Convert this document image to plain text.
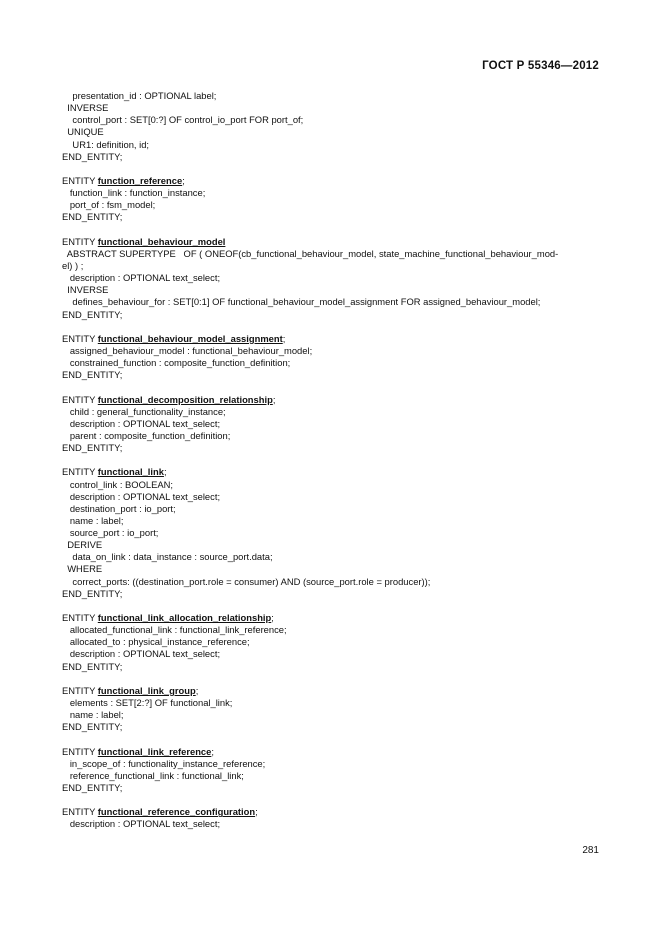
ГОСТ Р 55346—2012
presentation_id : OPTIONAL label;
INVERSE
control_port : SET[0:?] OF control_io_port FOR port_of;
UNIQUE
UR1: definition, id;
END_ENTITY;
ENTITY function_reference;
function_link : function_instance;
port_of : fsm_model;
END_ENTITY;
ENTITY functional_behaviour_model
ABSTRACT SUPERTYPE   OF ( ONEOF(cb_functional_behaviour_model, state_machine_functional_behaviour_mod-
el) ) ;
description : OPTIONAL text_select;
INVERSE
defines_behaviour_for : SET[0:1] OF functional_behaviour_model_assignment FOR assigned_behaviour_model;
END_ENTITY;
ENTITY functional_behaviour_model_assignment;
assigned_behaviour_model : functional_behaviour_model;
constrained_function : composite_function_definition;
END_ENTITY;
ENTITY functional_decomposition_relationship;
child : general_functionality_instance;
description : OPTIONAL text_select;
parent : composite_function_definition;
END_ENTITY;
ENTITY functional_link;
control_link : BOOLEAN;
description : OPTIONAL text_select;
destination_port : io_port;
name : label;
source_port : io_port;
DERIVE
data_on_link : data_instance : source_port.data;
WHERE
correct_ports: ((destination_port.role = consumer) AND (source_port.role = producer));
END_ENTITY;
ENTITY functional_link_allocation_relationship;
allocated_functional_link : functional_link_reference;
allocated_to : physical_instance_reference;
description : OPTIONAL text_select;
END_ENTITY;
ENTITY functional_link_group;
elements : SET[2:?] OF functional_link;
name : label;
END_ENTITY;
ENTITY functional_link_reference;
in_scope_of : functionality_instance_reference;
reference_functional_link : functional_link;
END_ENTITY;
ENTITY functional_reference_configuration;
description : OPTIONAL text_select;
281
